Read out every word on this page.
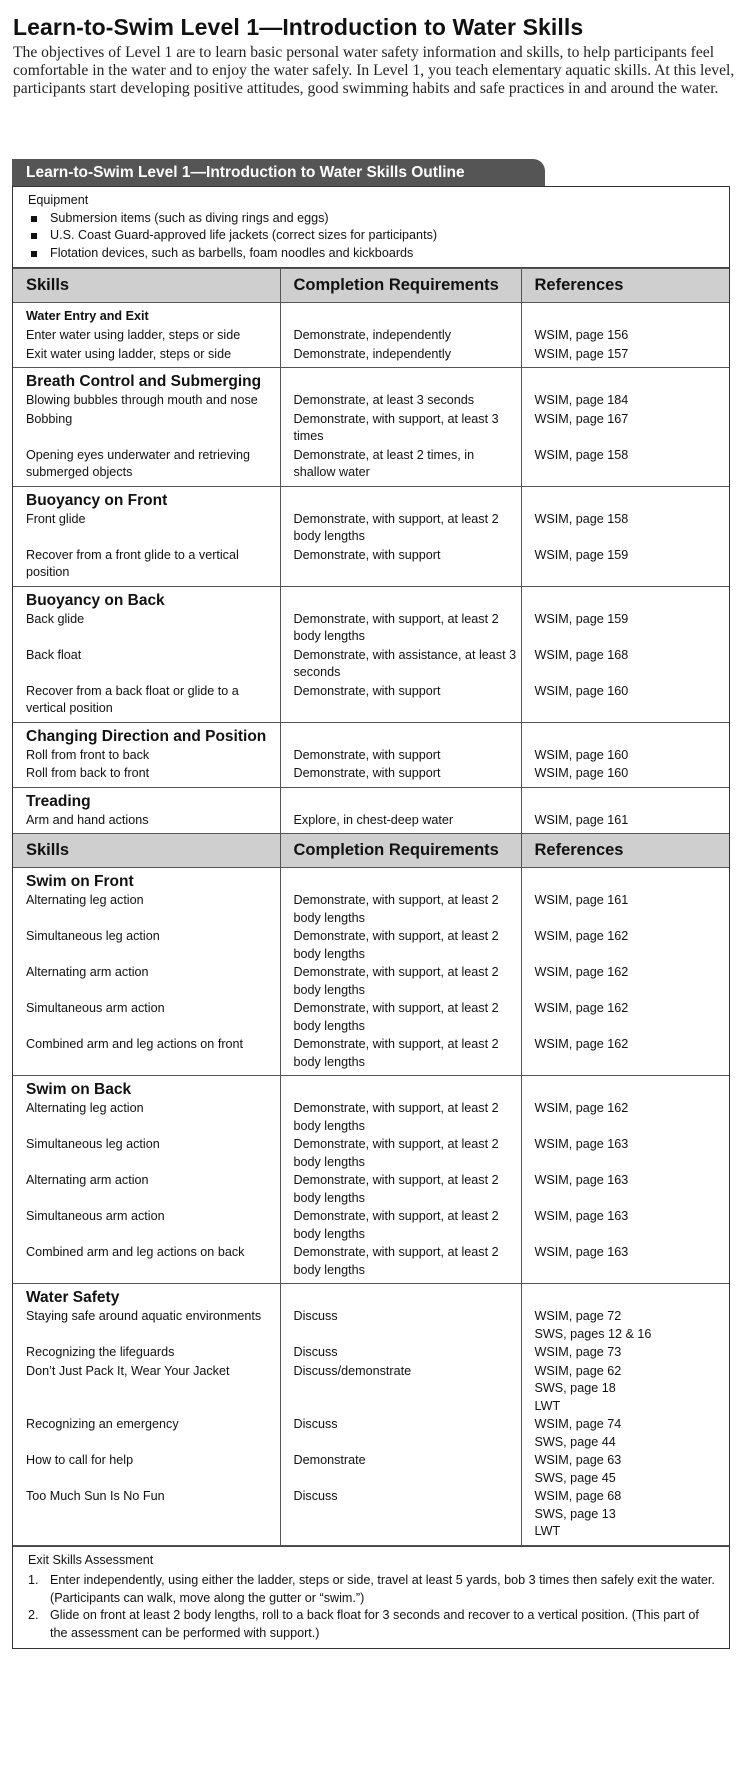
Learn-to-Swim Level 1—Introduction to Water Skills
The objectives of Level 1 are to learn basic personal water safety information and skills, to help participants feel comfortable in the water and to enjoy the water safely. In Level 1, you teach elementary aquatic skills. At this level, participants start developing positive attitudes, good swimming habits and safe practices in and around the water.
Learn-to-Swim Level 1—Introduction to Water Skills Outline
Equipment
Submersion items (such as diving rings and eggs)
U.S. Coast Guard-approved life jackets (correct sizes for participants)
Flotation devices, such as barbells, foam noodles and kickboards
Skills	Completion Requirements	References

Water Entry and Exit		

Enter water using ladder, steps or side	Demonstrate, independently	WSIM, page 156
Exit water using ladder, steps or side	Demonstrate, independently	WSIM, page 157

Breath Control and Submerging		

Blowing bubbles through mouth and nose	Demonstrate, at least 3 seconds	WSIM, page 184
Bobbing	Demonstrate, with support, at least 3 times	WSIM, page 167
Opening eyes underwater and retrieving submerged objects	Demonstrate, at least 2 times, in shallow water	WSIM, page 158

Buoyancy on Front		

Front glide	Demonstrate, with support, at least 2 body lengths	WSIM, page 158
Recover from a front glide to a vertical position	Demonstrate, with support	WSIM, page 159

Buoyancy on Back		

Back glide	Demonstrate, with support, at least 2 body lengths	WSIM, page 159
Back float	Demonstrate, with assistance, at least 3 seconds	WSIM, page 168
Recover from a back float or glide to a vertical position	Demonstrate, with support	WSIM, page 160

Changing Direction and Position		

Roll from front to back	Demonstrate, with support	WSIM, page 160
Roll from back to front	Demonstrate, with support	WSIM, page 160

Treading		

Arm and hand actions	Explore, in chest-deep water	WSIM, page 161
Skills	Completion Requirements	References

Swim on Front		

Alternating leg action	Demonstrate, with support, at least 2 body lengths	WSIM, page 161
Simultaneous leg action	Demonstrate, with support, at least 2 body lengths	WSIM, page 162
Alternating arm action	Demonstrate, with support, at least 2 body lengths	WSIM, page 162
Simultaneous arm action	Demonstrate, with support, at least 2 body lengths	WSIM, page 162
Combined arm and leg actions on front	Demonstrate, with support, at least 2 body lengths	WSIM, page 162

Swim on Back		

Alternating leg action	Demonstrate, with support, at least 2 body lengths	WSIM, page 162
Simultaneous leg action	Demonstrate, with support, at least 2 body lengths	WSIM, page 163
Alternating arm action	Demonstrate, with support, at least 2 body lengths	WSIM, page 163
Simultaneous arm action	Demonstrate, with support, at least 2 body lengths	WSIM, page 163
Combined arm and leg actions on back	Demonstrate, with support, at least 2 body lengths	WSIM, page 163

Water Safety		

Staying safe around aquatic environments	Discuss	WSIM, page 72
SWS, pages 12 & 16

Recognizing the lifeguards	Discuss	WSIM, page 73

Don’t Just Pack It, Wear Your Jacket	Discuss/demonstrate	WSIM, page 62
SWS, page 18
LWT

Recognizing an emergency	Discuss	WSIM, page 74
SWS, page 44

How to call for help	Demonstrate	WSIM, page 63
SWS, page 45

Too Much Sun Is No Fun	Discuss	WSIM, page 68
SWS, page 13
LWT
Exit Skills Assessment
1. Enter independently, using either the ladder, steps or side, travel at least 5 yards, bob 3 times then safely exit the water. (Participants can walk, move along the gutter or “swim.”)
2. Glide on front at least 2 body lengths, roll to a back float for 3 seconds and recover to a vertical position. (This part of the assessment can be performed with support.)
